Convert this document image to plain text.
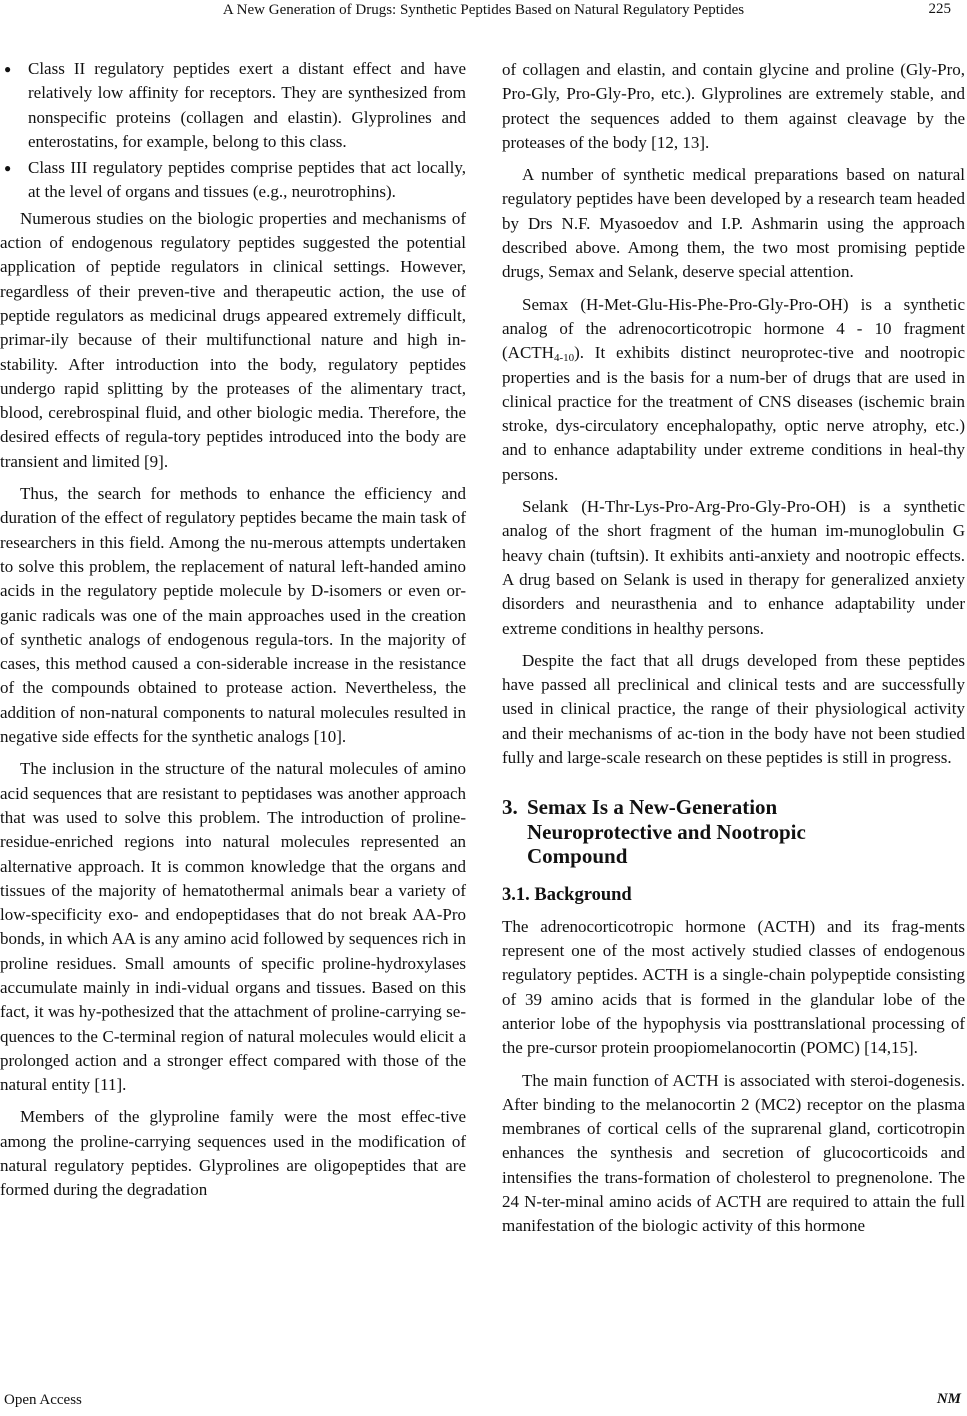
A New Generation of Drugs: Synthetic Peptides Based on Natural Regulatory Peptides	225
● Class II regulatory peptides exert a distant effect and have relatively low affinity for receptors. They are synthesized from nonspecific proteins (collagen and elastin). Glyprolines and enterostatins, for example, belong to this class.
● Class III regulatory peptides comprise peptides that act locally, at the level of organs and tissues (e.g., neurotrophins).

Numerous studies on the biologic properties and mechanisms of action of endogenous regulatory peptides suggested the potential application of peptide regulators in clinical settings. However, regardless of their preven-tive and therapeutic action, the use of peptide regulators as medicinal drugs appeared extremely difficult, primar-ily because of their multifunctional nature and high in-stability. After introduction into the body, regulatory peptides undergo rapid splitting by the proteases of the alimentary tract, blood, cerebrospinal fluid, and other biologic media. Therefore, the desired effects of regula-tory peptides introduced into the body are transient and limited [9].

Thus, the search for methods to enhance the efficiency and duration of the effect of regulatory peptides became the main task of researchers in this field. Among the nu-merous attempts undertaken to solve this problem, the replacement of natural left-handed amino acids in the regulatory peptide molecule by D-isomers or even or-ganic radicals was one of the main approaches used in the creation of synthetic analogs of endogenous regula-tors. In the majority of cases, this method caused a con-siderable increase in the resistance of the compounds obtained to protease action. Nevertheless, the addition of non-natural components to natural molecules resulted in negative side effects for the synthetic analogs [10].

The inclusion in the structure of the natural molecules of amino acid sequences that are resistant to peptidases was another approach that was used to solve this problem. The introduction of proline-residue-enriched regions into natural molecules represented an alternative approach. It is common knowledge that the organs and tissues of the majority of hematothermal animals bear a variety of low-specificity exo- and endopeptidases that do not break AA-Pro bonds, in which AA is any amino acid followed by sequences rich in proline residues. Small amounts of specific proline-hydroxylases accumulate mainly in indi-vidual organs and tissues. Based on this fact, it was hy-pothesized that the attachment of proline-carrying se-quences to the C-terminal region of natural molecules would elicit a prolonged action and a stronger effect compared with those of the natural entity [11].

Members of the glyproline family were the most effec-tive among the proline-carrying sequences used in the modification of natural regulatory peptides. Glyprolines are oligopeptides that are formed during the degradation

of collagen and elastin, and contain glycine and proline (Gly-Pro, Pro-Gly, Pro-Gly-Pro, etc.). Glyprolines are extremely stable, and protect the sequences added to them against cleavage by the proteases of the body [12, 13].

A number of synthetic medical preparations based on natural regulatory peptides have been developed by a research team headed by Drs N.F. Myasoedov and I.P. Ashmarin using the approach described above. Among them, the two most promising peptide drugs, Semax and Selank, deserve special attention.

Semax (H-Met-Glu-His-Phe-Pro-Gly-Pro-OH) is a synthetic analog of the adrenocorticotropic hormone 4 - 10 fragment $(ACTH_{4-10})$. It exhibits distinct neuroprotec-tive and nootropic properties and is the basis for a num-ber of drugs that are used in clinical practice for the treatment of CNS diseases (ischemic brain stroke, dys-circulatory encephalopathy, optic nerve atrophy, etc.) and to enhance adaptability under extreme conditions in heal-thy persons.

Selank (H-Thr-Lys-Pro-Arg-Pro-Gly-Pro-OH) is a synthetic analog of the short fragment of the human im-munoglobulin G heavy chain (tuftsin). It exhibits anti-anxiety and nootropic effects. A drug based on Selank is used in therapy for generalized anxiety disorders and neurasthenia and to enhance adaptability under extreme conditions in healthy persons.

Despite the fact that all drugs developed from these peptides have passed all preclinical and clinical tests and are successfully used in clinical practice, the range of their physiological activity and their mechanisms of ac-tion in the body have not been studied fully and large-scale research on these peptides is still in progress.

3. Semax Is a New-Generation
Neuroprotective and Nootropic
Compound
3.1. Background

The adrenocorticotropic hormone (ACTH) and its frag-ments represent one of the most actively studied classes of endogenous regulatory peptides. ACTH is a single-chain polypeptide consisting of 39 amino acids that is formed in the glandular lobe of the anterior lobe of the hypophysis via posttranslational processing of the pre-cursor protein proopiomelanocortin (POMC) [14,15].

The main function of ACTH is associated with steroi-dogenesis. After binding to the melanocortin 2 (MC2) receptor on the plasma membranes of cortical cells of the suprarenal gland, corticotropin enhances the synthesis and secretion of glucocorticoids and intensifies the trans-formation of cholesterol to pregnenolone. The 24 N-ter-minal amino acids of ACTH are required to attain the full manifestation of the biologic activity of this hormone

Open Access	NM
